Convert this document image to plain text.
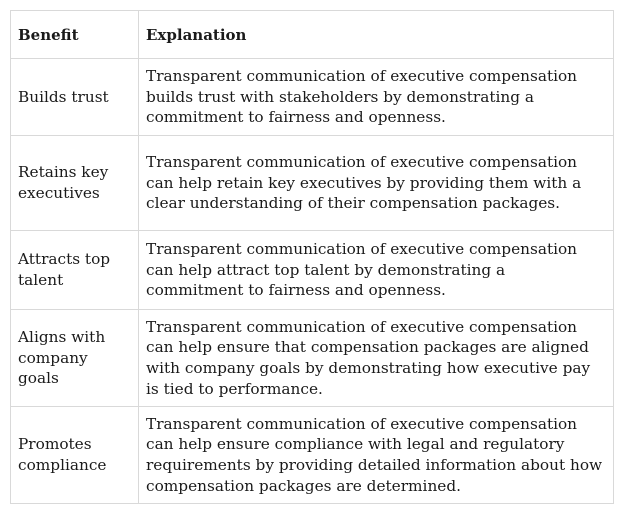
Benefit	Explanation
Builds trust	Transparent communication of executive compensation builds trust with stakeholders by demonstrating a commitment to fairness and openness.
Retains key executives	Transparent communication of executive compensation can help retain key executives by providing them with a clear understanding of their compensation packages.
Attracts top talent	Transparent communication of executive compensation can help attract top talent by demonstrating a commitment to fairness and openness.
Aligns with company goals	Transparent communication of executive compensation can help ensure that compensation packages are aligned with company goals by demonstrating how executive pay is tied to performance.
Promotes compliance	Transparent communication of executive compensation can help ensure compliance with legal and regulatory requirements by providing detailed information about how compensation packages are determined.
